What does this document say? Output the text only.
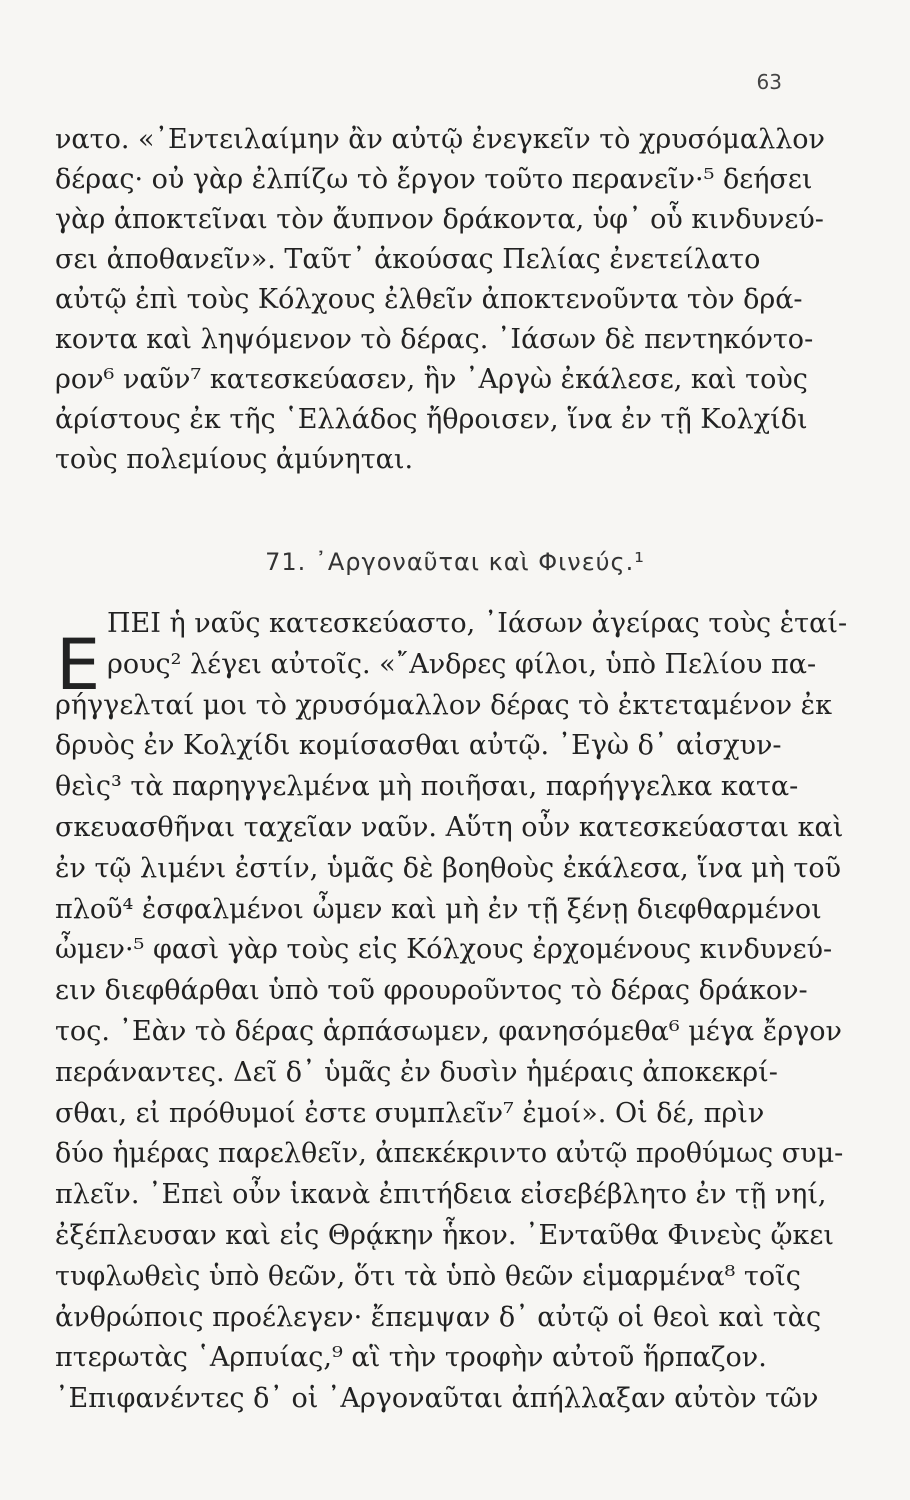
63
νατο. «᾿Εντειλαίμην ἂν αὐτῷ ἐνεγκεῖν τὸ χρυσόμαλλον
δέρας· οὐ γὰρ ἐλπίζω τὸ ἔργον τοῦτο περανεῖν·⁵ δεήσει
γὰρ ἀποκτεῖναι τὸν ἄυπνον δράκοντα, ὑφ᾿ οὗ κινδυνεύ-
σει ἀποθανεῖν». Ταῦτ᾿ ἀκούσας Πελίας ἐνετείλατο
αὐτῷ ἐπὶ τοὺς Κόλχους ἐλθεῖν ἀποκτενοῦντα τὸν δρά-
κοντα καὶ ληψόμενον τὸ δέρας. ᾿Ιάσων δὲ πεντηκόντο-
ρον⁶ ναῦν⁷ κατεσκεύασεν, ἣν ᾿Αργὼ ἐκάλεσε, καὶ τοὺς
ἀρίστους ἐκ τῆς ῾Ελλάδος ἤθροισεν, ἵνα ἐν τῇ Κολχίδι
τοὺς πολεμίους ἀμύνηται.
71. ᾿Αργοναῦται καὶ Φινεύς.¹
Ε
ΠΕΙ ἡ ναῦς κατεσκεύαστο, ᾿Ιάσων ἀγείρας τοὺς ἑταί-
ρους² λέγει αὐτοῖς. «῎Ανδρες φίλοι, ὑπὸ Πελίου πα-
ρήγγελταί μοι τὸ χρυσόμαλλον δέρας τὸ ἐκτεταμένον ἐκ
δρυὸς ἐν Κολχίδι κομίσασθαι αὐτῷ. ᾿Εγὼ δ᾿ αἰσχυν-
θεὶς³ τὰ παρηγγελμένα μὴ ποιῆσαι, παρήγγελκα κατα-
σκευασθῆναι ταχεῖαν ναῦν. Αὕτη οὖν κατεσκεύασται καὶ
ἐν τῷ λιμένι ἐστίν, ὑμᾶς δὲ βοηθοὺς ἐκάλεσα, ἵνα μὴ τοῦ
πλοῦ⁴ ἐσφαλμένοι ὦμεν καὶ μὴ ἐν τῇ ξένῃ διεφθαρμένοι
ὦμεν·⁵ φασὶ γὰρ τοὺς εἰς Κόλχους ἐρχομένους κινδυνεύ-
ειν διεφθάρθαι ὑπὸ τοῦ φρουροῦντος τὸ δέρας δράκον-
τος. ᾿Εὰν τὸ δέρας ἁρπάσωμεν, φανησόμεθα⁶ μέγα ἔργον
περάναντες. Δεῖ δ᾿ ὑμᾶς ἐν δυσὶν ἡμέραις ἀποκεκρί-
σθαι, εἰ πρόθυμοί ἐστε συμπλεῖν⁷ ἐμοί». Οἱ δέ, πρὶν
δύο ἡμέρας παρελθεῖν, ἀπεκέκριντο αὐτῷ προθύμως συμ-
πλεῖν. ᾿Επεὶ οὖν ἱκανὰ ἐπιτήδεια εἰσεβέβλητο ἐν τῇ νηί,
ἐξέπλευσαν καὶ εἰς Θρᾴκην ἧκον. ᾿Ενταῦθα Φινεὺς ᾤκει
τυφλωθεὶς ὑπὸ θεῶν, ὅτι τὰ ὑπὸ θεῶν εἱμαρμένα⁸ τοῖς
ἀνθρώποις προέλεγεν· ἔπεμψαν δ᾿ αὐτῷ οἱ θεοὶ καὶ τὰς
πτερωτὰς ῾Αρπυίας,⁹ αἳ τὴν τροφὴν αὐτοῦ ἥρπαζον.
᾿Επιφανέντες δ᾿ οἱ ᾿Αργοναῦται ἀπήλλαξαν αὐτὸν τῶν
